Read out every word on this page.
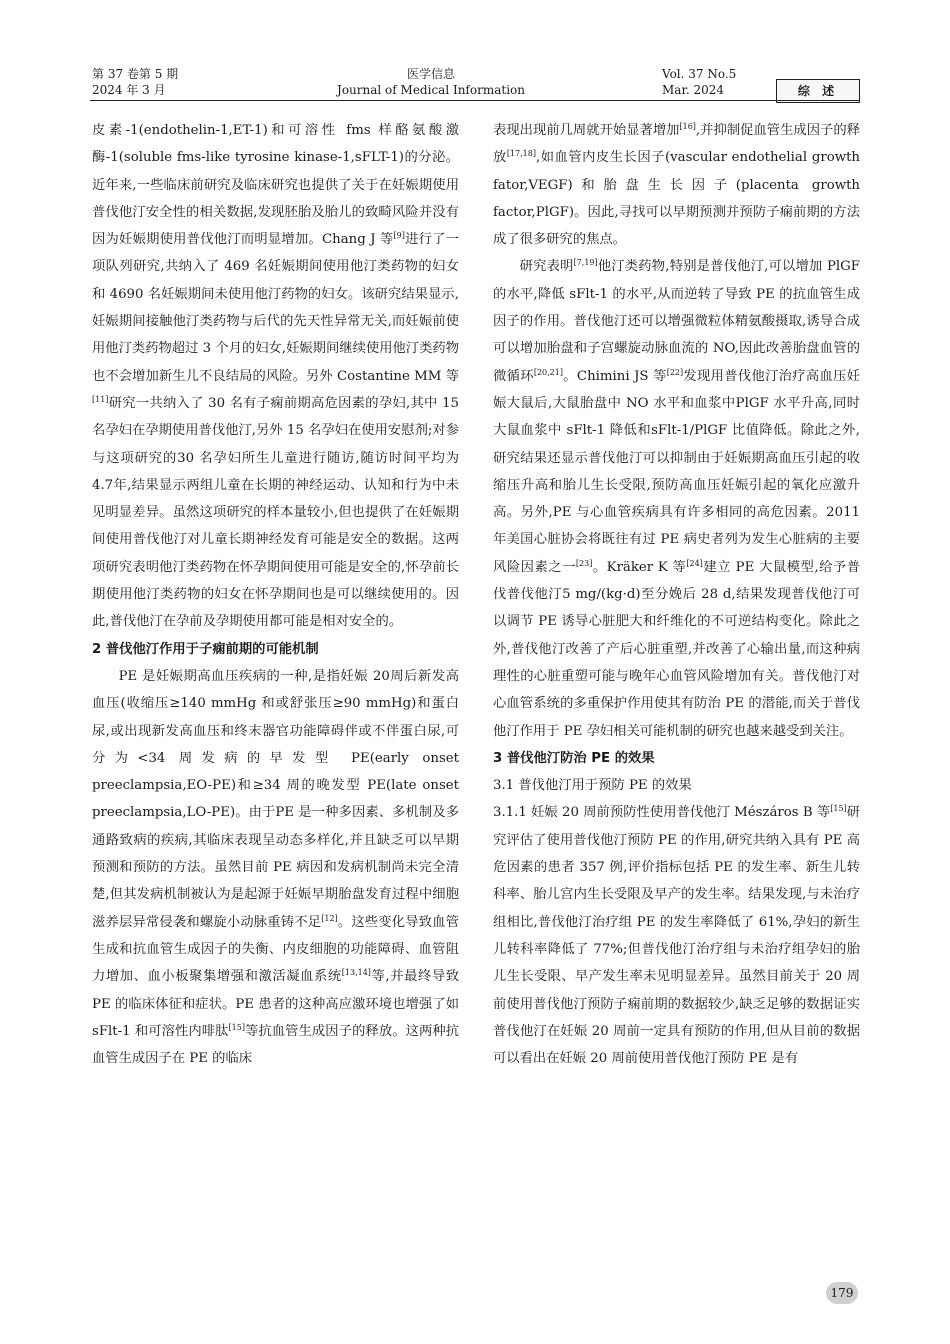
第 37 卷第 5 期
2024 年 3 月
医学信息
Journal of Medical Information
Vol. 37 No.5
Mar. 2024	综 述

皮素-1(endothelin-1,ET-1)和可溶性 fms 样酪氨酸激酶-1(soluble fms-like tyrosine kinase-1,sFLT-1)的分泌。近年来,一些临床前研究及临床研究也提供了关于在妊娠期使用普伐他汀安全性的相关数据,发现胚胎及胎儿的致畸风险并没有因为妊娠期使用普伐他汀而明显增加。Chang J 等[9]进行了一项队列研究,共纳入了 469 名妊娠期间使用他汀类药物的妇女和 4690 名妊娠期间未使用他汀药物的妇女。该研究结果显示,妊娠期间接触他汀类药物与后代的先天性异常无关,而妊娠前使用他汀类药物超过 3 个月的妇女,妊娠期间继续使用他汀类药物也不会增加新生儿不良结局的风险。另外 Costantine MM 等[11]研究一共纳入了 30 名有子痫前期高危因素的孕妇,其中 15 名孕妇在孕期使用普伐他汀,另外 15 名孕妇在使用安慰剂;对参与这项研究的30 名孕妇所生儿童进行随访,随访时间平均为 4.7年,结果显示两组儿童在长期的神经运动、认知和行为中未见明显差异。虽然这项研究的样本量较小,但也提供了在妊娠期间使用普伐他汀对儿童长期神经发育可能是安全的数据。这两项研究表明他汀类药物在怀孕期间使用可能是安全的,怀孕前长期使用他汀类药物的妇女在怀孕期间也是可以继续使用的。因此,普伐他汀在孕前及孕期使用都可能是相对安全的。

2 普伐他汀作用于子痫前期的可能机制

PE 是妊娠期高血压疾病的一种,是指妊娠 20周后新发高血压(收缩压≥140 mmHg 和或舒张压≥90 mmHg)和蛋白尿,或出现新发高血压和终末器官功能障碍伴或不伴蛋白尿,可分为<34 周发病的早发型 PE(early onset preeclampsia,EO-PE)和≥34 周的晚发型 PE(late onset preeclampsia,LO-PE)。由于PE 是一种多因素、多机制及多通路致病的疾病,其临床表现呈动态多样化,并且缺乏可以早期预测和预防的方法。虽然目前 PE 病因和发病机制尚未完全清楚,但其发病机制被认为是起源于妊娠早期胎盘发育过程中细胞滋养层异常侵袭和螺旋小动脉重铸不足[12]。这些变化导致血管生成和抗血管生成因子的失衡、内皮细胞的功能障碍、血管阻力增加、血小板聚集增强和激活凝血系统[13,14]等,并最终导致PE 的临床体征和症状。PE 患者的这种高应激环境也增强了如 sFlt-1 和可溶性内啡肽[15]等抗血管生成因子的释放。这两种抗血管生成因子在 PE 的临床

表现出现前几周就开始显著增加[16],并抑制促血管生成因子的释放[17,18],如血管内皮生长因子(vascular endothelial growth fator,VEGF)和胎盘生长因子(placenta growth factor,PlGF)。因此,寻找可以早期预测并预防子痫前期的方法成了很多研究的焦点。

研究表明[7,19]他汀类药物,特别是普伐他汀,可以增加 PlGF 的水平,降低 sFlt-1 的水平,从而逆转了导致 PE 的抗血管生成因子的作用。普伐他汀还可以增强微粒体精氨酸摄取,诱导合成可以增加胎盘和子宫螺旋动脉血流的 NO,因此改善胎盘血管的微循环[20,21]。Chimini JS 等[22]发现用普伐他汀治疗高血压妊娠大鼠后,大鼠胎盘中 NO 水平和血浆中PlGF 水平升高,同时大鼠血浆中 sFlt-1 降低和sFlt-1/PlGF 比值降低。除此之外,研究结果还显示普伐他汀可以抑制由于妊娠期高血压引起的收缩压升高和胎儿生长受限,预防高血压妊娠引起的氧化应激升高。另外,PE 与心血管疾病具有许多相同的高危因素。2011 年美国心脏协会将既往有过 PE 病史者列为发生心脏病的主要风险因素之一[23]。Kräker K 等[24]建立 PE 大鼠模型,给予普伐普伐他汀5 mg/(kg·d)至分娩后 28 d,结果发现普伐他汀可以调节 PE 诱导心脏肥大和纤维化的不可逆结构变化。除此之外,普伐他汀改善了产后心脏重塑,并改善了心输出量,而这种病理性的心脏重塑可能与晚年心血管风险增加有关。普伐他汀对心血管系统的多重保护作用使其有防治 PE 的潜能,而关于普伐他汀作用于 PE 孕妇相关可能机制的研究也越来越受到关注。

3 普伐他汀防治 PE 的效果
3.1 普伐他汀用于预防 PE 的效果

3.1.1 妊娠 20 周前预防性使用普伐他汀 Mészáros B 等[15]研究评估了使用普伐他汀预防 PE 的作用,研究共纳入具有 PE 高危因素的患者 357 例,评价指标包括 PE 的发生率、新生儿转科率、胎儿宫内生长受限及早产的发生率。结果发现,与未治疗组相比,普伐他汀治疗组 PE 的发生率降低了 61%,孕妇的新生儿转科率降低了 77%;但普伐他汀治疗组与未治疗组孕妇的胎儿生长受限、早产发生率未见明显差异。虽然目前关于 20 周前使用普伐他汀预防子痫前期的数据较少,缺乏足够的数据证实普伐他汀在妊娠 20 周前一定具有预防的作用,但从目前的数据可以看出在妊娠 20 周前使用普伐他汀预防 PE 是有

179
